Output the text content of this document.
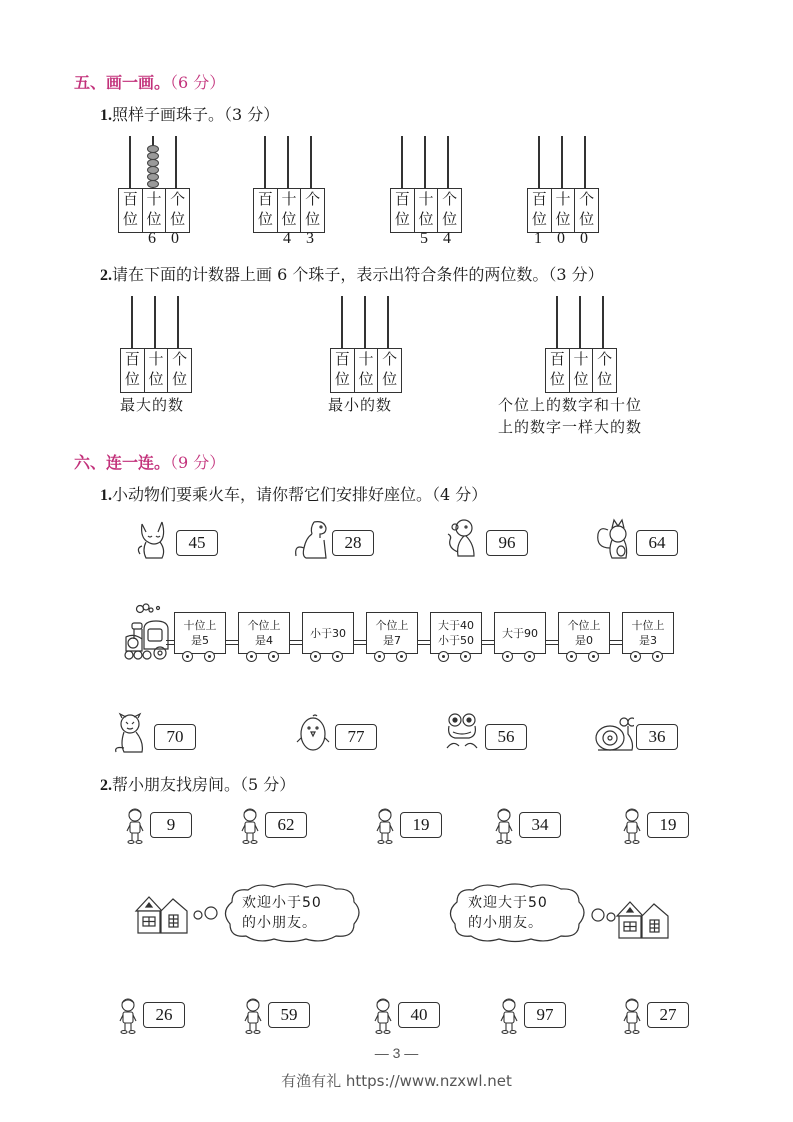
五、画一画。（6 分）
1.照样子画珠子。（3 分）
百位
十位
个位
6 0
百位
十位
个位
4 3
百位
十位
个位
5 4
百位
十位
个位
1 0 0
2.请在下面的计数器上画 6 个珠子，表示出符合条件的两位数。（3 分）
百位
十位
个位
最大的数
百位
十位
个位
最小的数
百位
十位
个位
个位上的数字和十位
上的数字一样大的数
六、连一连。（9 分）
1.小动物们要乘火车，请你帮它们安排好座位。（4 分）
45	28	96	64
十位上
是5
个位上
是4
小于30
个位上
是7
大于40
小于50
大于90
个位上
是0
十位上
是3
70	77	56	36
2.帮小朋友找房间。（5 分）
9	62	19	34	19
欢迎小于50
的小朋友。
欢迎大于50
的小朋友。
26	59	40	97	27
— 3 —
有渔有礼 https://www.nzxwl.net
